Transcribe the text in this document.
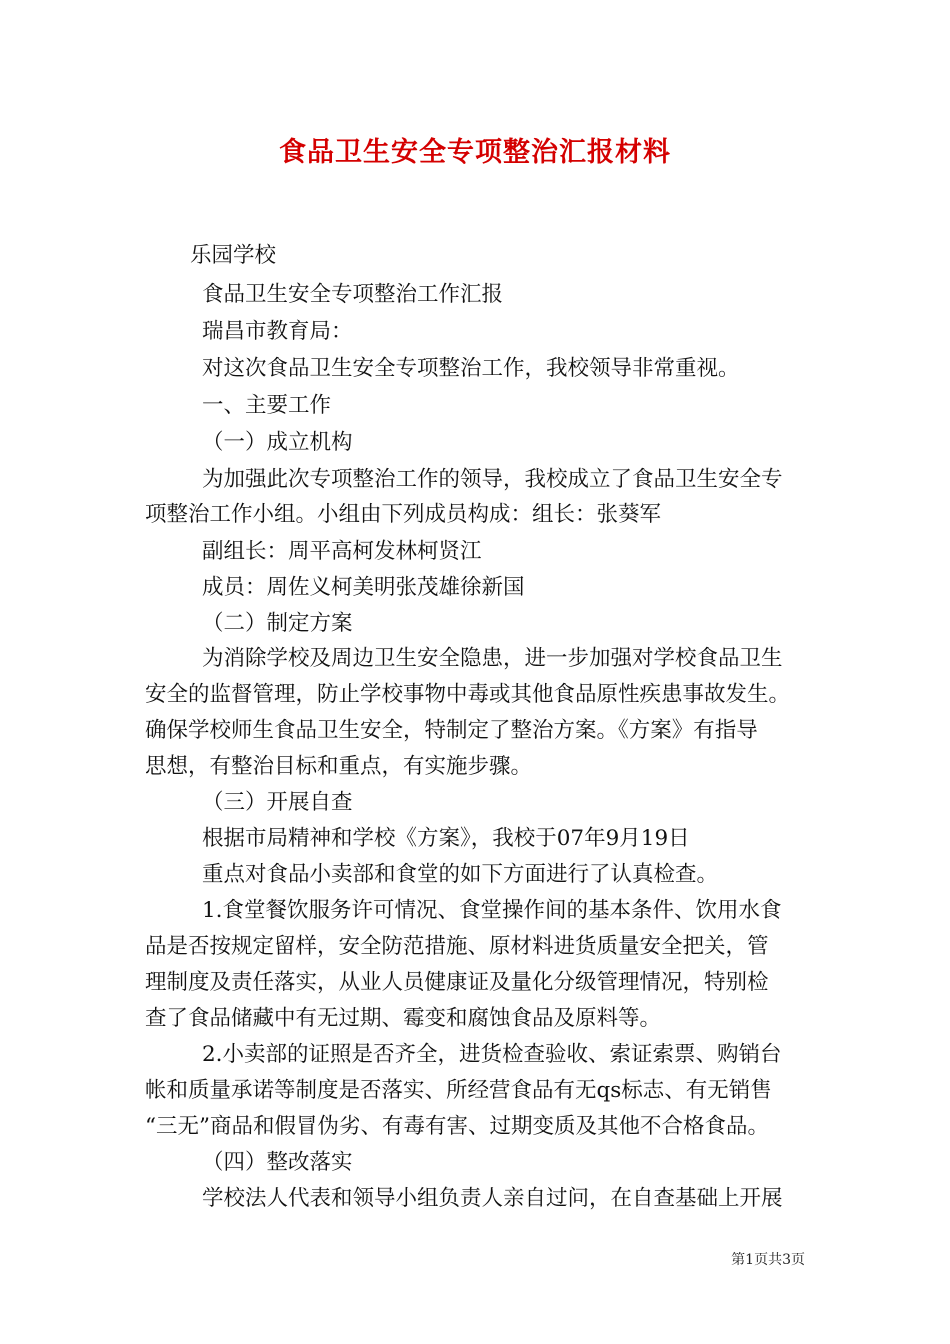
食品卫生安全专项整治汇报材料
乐园学校
食品卫生安全专项整治工作汇报
瑞昌市教育局：
对这次食品卫生安全专项整治工作，我校领导非常重视。
一、主要工作
（一）成立机构
为加强此次专项整治工作的领导，我校成立了食品卫生安全专
项整治工作小组。小组由下列成员构成：组长：张葵军
副组长：周平高柯发林柯贤江
成员：周佐义柯美明张茂雄徐新国
（二）制定方案
为消除学校及周边卫生安全隐患，进一步加强对学校食品卫生
安全的监督管理，防止学校事物中毒或其他食品原性疾患事故发生。
确保学校师生食品卫生安全，特制定了整治方案。《方案》有指导
思想，有整治目标和重点，有实施步骤。
（三）开展自查
根据市局精神和学校《方案》，我校于07年9月19日
重点对食品小卖部和食堂的如下方面进行了认真检查。
1.食堂餐饮服务许可情况、食堂操作间的基本条件、饮用水食
品是否按规定留样，安全防范措施、原材料进货质量安全把关，管
理制度及责任落实，从业人员健康证及量化分级管理情况，特别检
查了食品储藏中有无过期、霉变和腐蚀食品及原料等。
2.小卖部的证照是否齐全，进货检查验收、索证索票、购销台
帐和质量承诺等制度是否落实、所经营食品有无qs标志、有无销售
“三无”商品和假冒伪劣、有毒有害、过期变质及其他不合格食品。
（四）整改落实
学校法人代表和领导小组负责人亲自过问，在自查基础上开展
第1页共3页
